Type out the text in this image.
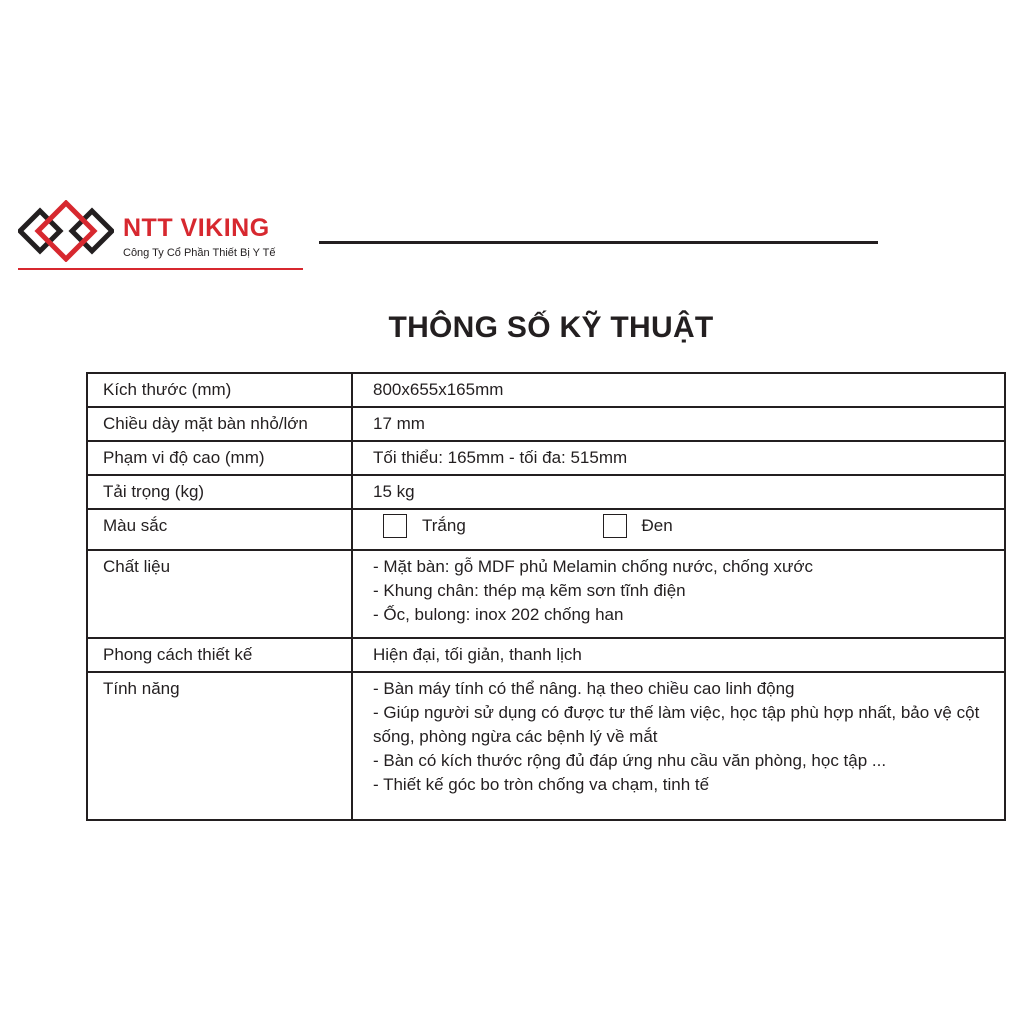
NTT VIKING
Công Ty Cổ Phần Thiết Bị Y Tế
THÔNG SỐ KỸ THUẬT
Kích thước (mm)	800x655x165mm
Chiều dày mặt bàn nhỏ/lớn	17 mm
Phạm vi độ cao (mm)	Tối thiểu: 165mm - tối đa: 515mm
Tải trọng (kg)	15 kg
Màu sắc	Trắng
Đen

Chất liệu	- Mặt bàn: gỗ MDF phủ Melamin chống nước, chống xước
- Khung chân: thép mạ kẽm sơn tĩnh điện
- Ốc, bulong: inox 202 chống han

Phong cách thiết kế	Hiện đại, tối giản, thanh lịch
Tính năng	- Bàn máy tính có thể nâng. hạ theo chiều cao linh động
- Giúp người sử dụng có được tư thế làm việc, học tập phù hợp nhất, bảo vệ cột sống, phòng ngừa các bệnh lý về mắt
- Bàn có kích thước rộng đủ đáp ứng nhu cầu văn phòng, học tập ...
- Thiết kế góc bo tròn chống va chạm, tinh tế
